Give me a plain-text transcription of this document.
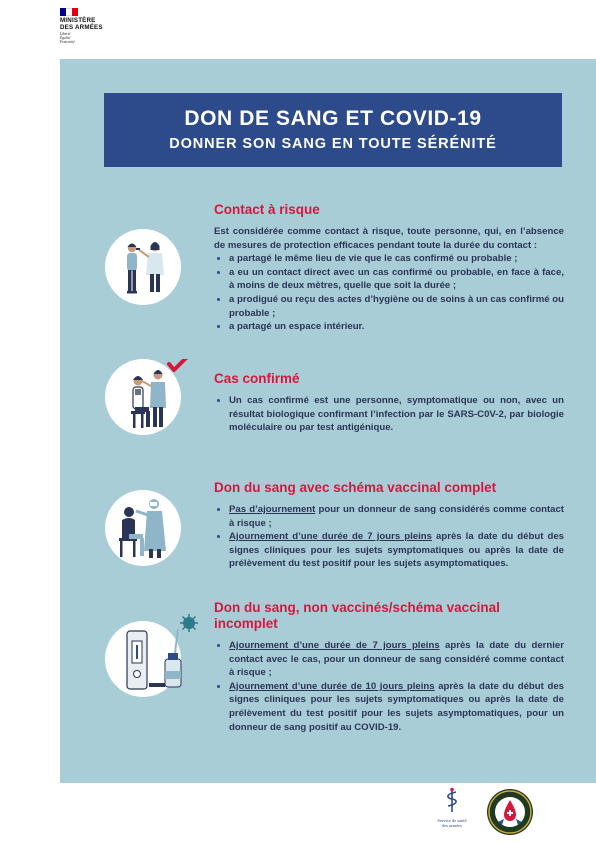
MINISTÈRE
DES ARMÉES
Liberté
Égalité
Fraternité
DON DE SANG ET COVID-19
DONNER SON SANG EN TOUTE SÉRÉNITÉ
Contact à risque

Est considérée comme contact à risque, toute personne, qui, en l’absence de mesures de protection efficaces pendant toute la durée du contact :

• a partagé le même lieu de vie que le cas confirmé ou probable ;
• a eu un contact direct avec un cas confirmé ou probable, en face à face, à moins de deux mètres, quelle que soit la durée ;
• a prodigué ou reçu des actes d’hygiène ou de soins à un cas confirmé ou probable ;
• a partagé un espace intérieur.
Cas confirmé
• Un cas confirmé est une personne, symptomatique ou non, avec un résultat biologique confirmant l’infection par le SARS-C0V-2, par biologie moléculaire ou par test antigénique.
Don du sang avec schéma vaccinal complet
• Pas d’ajournement pour un donneur de sang considérés comme contact à risque ;
• Ajournement d’une durée de 7 jours pleins après la date du début des signes cliniques pour les sujets symptomatiques ou après la date de prélèvement du test positif pour les sujets asymptomatiques.
Don du sang, non vaccinés/schéma vaccinal incomplet
• Ajournement d’une durée de 7 jours pleins après la date du dernier contact avec le cas, pour un donneur de sang considéré comme contact à risque ;
• Ajournement d’une durée de 10 jours pleins après la date du début des signes cliniques pour les sujets symptomatiques ou après la date de prélèvement du test positif pour les sujets asymptomatiques, pour un donneur de sang positif au COVID-19.
Service de santé
des armées
